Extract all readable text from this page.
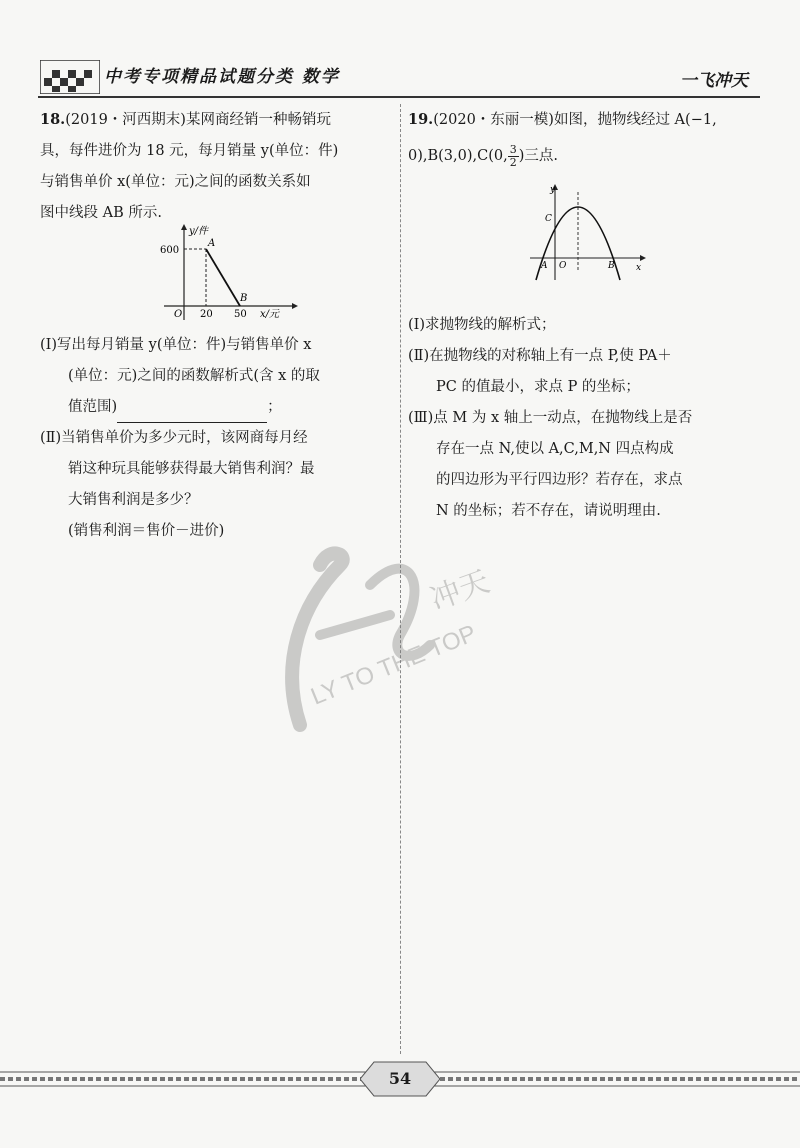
中考专项精品试题分类 数学	一飞冲天

18.(2019・河西期末)某网商经销一种畅销玩

具，每件进价为 18 元，每月销量 y(单位：件)

与销售单价 x(单位：元)之间的函数关系如

图中线段 AB 所示.

y/件
600
A
B
O 20 50 x/元

(Ⅰ)写出每月销量 y(单位：件)与销售单价 x

(单位：元)之间的函数解析式(含 x 的取

值范围)	；

(Ⅱ)当销售单价为多少元时，该网商每月经

销这种玩具能够获得最大销售利润？最

大销售利润是多少？

(销售利润＝售价－进价)

19.(2020・东丽一模)如图，抛物线经过 A(−1,

0),B(3,0),C(0, $\frac{3}{2}$ )三点.

y
x
C
A O	B

(Ⅰ)求抛物线的解析式；

(Ⅱ)在抛物线的对称轴上有一点 P,使 PA＋

PC 的值最小，求点 P 的坐标；

(Ⅲ)点 M 为 x 轴上一动点，在抛物线上是否

存在一点 N,使以 A,C,M,N 四点构成

的四边形为平行四边形？若存在，求点

N 的坐标；若不存在，请说明理由.

冲天
LY TO THE TOP
54
